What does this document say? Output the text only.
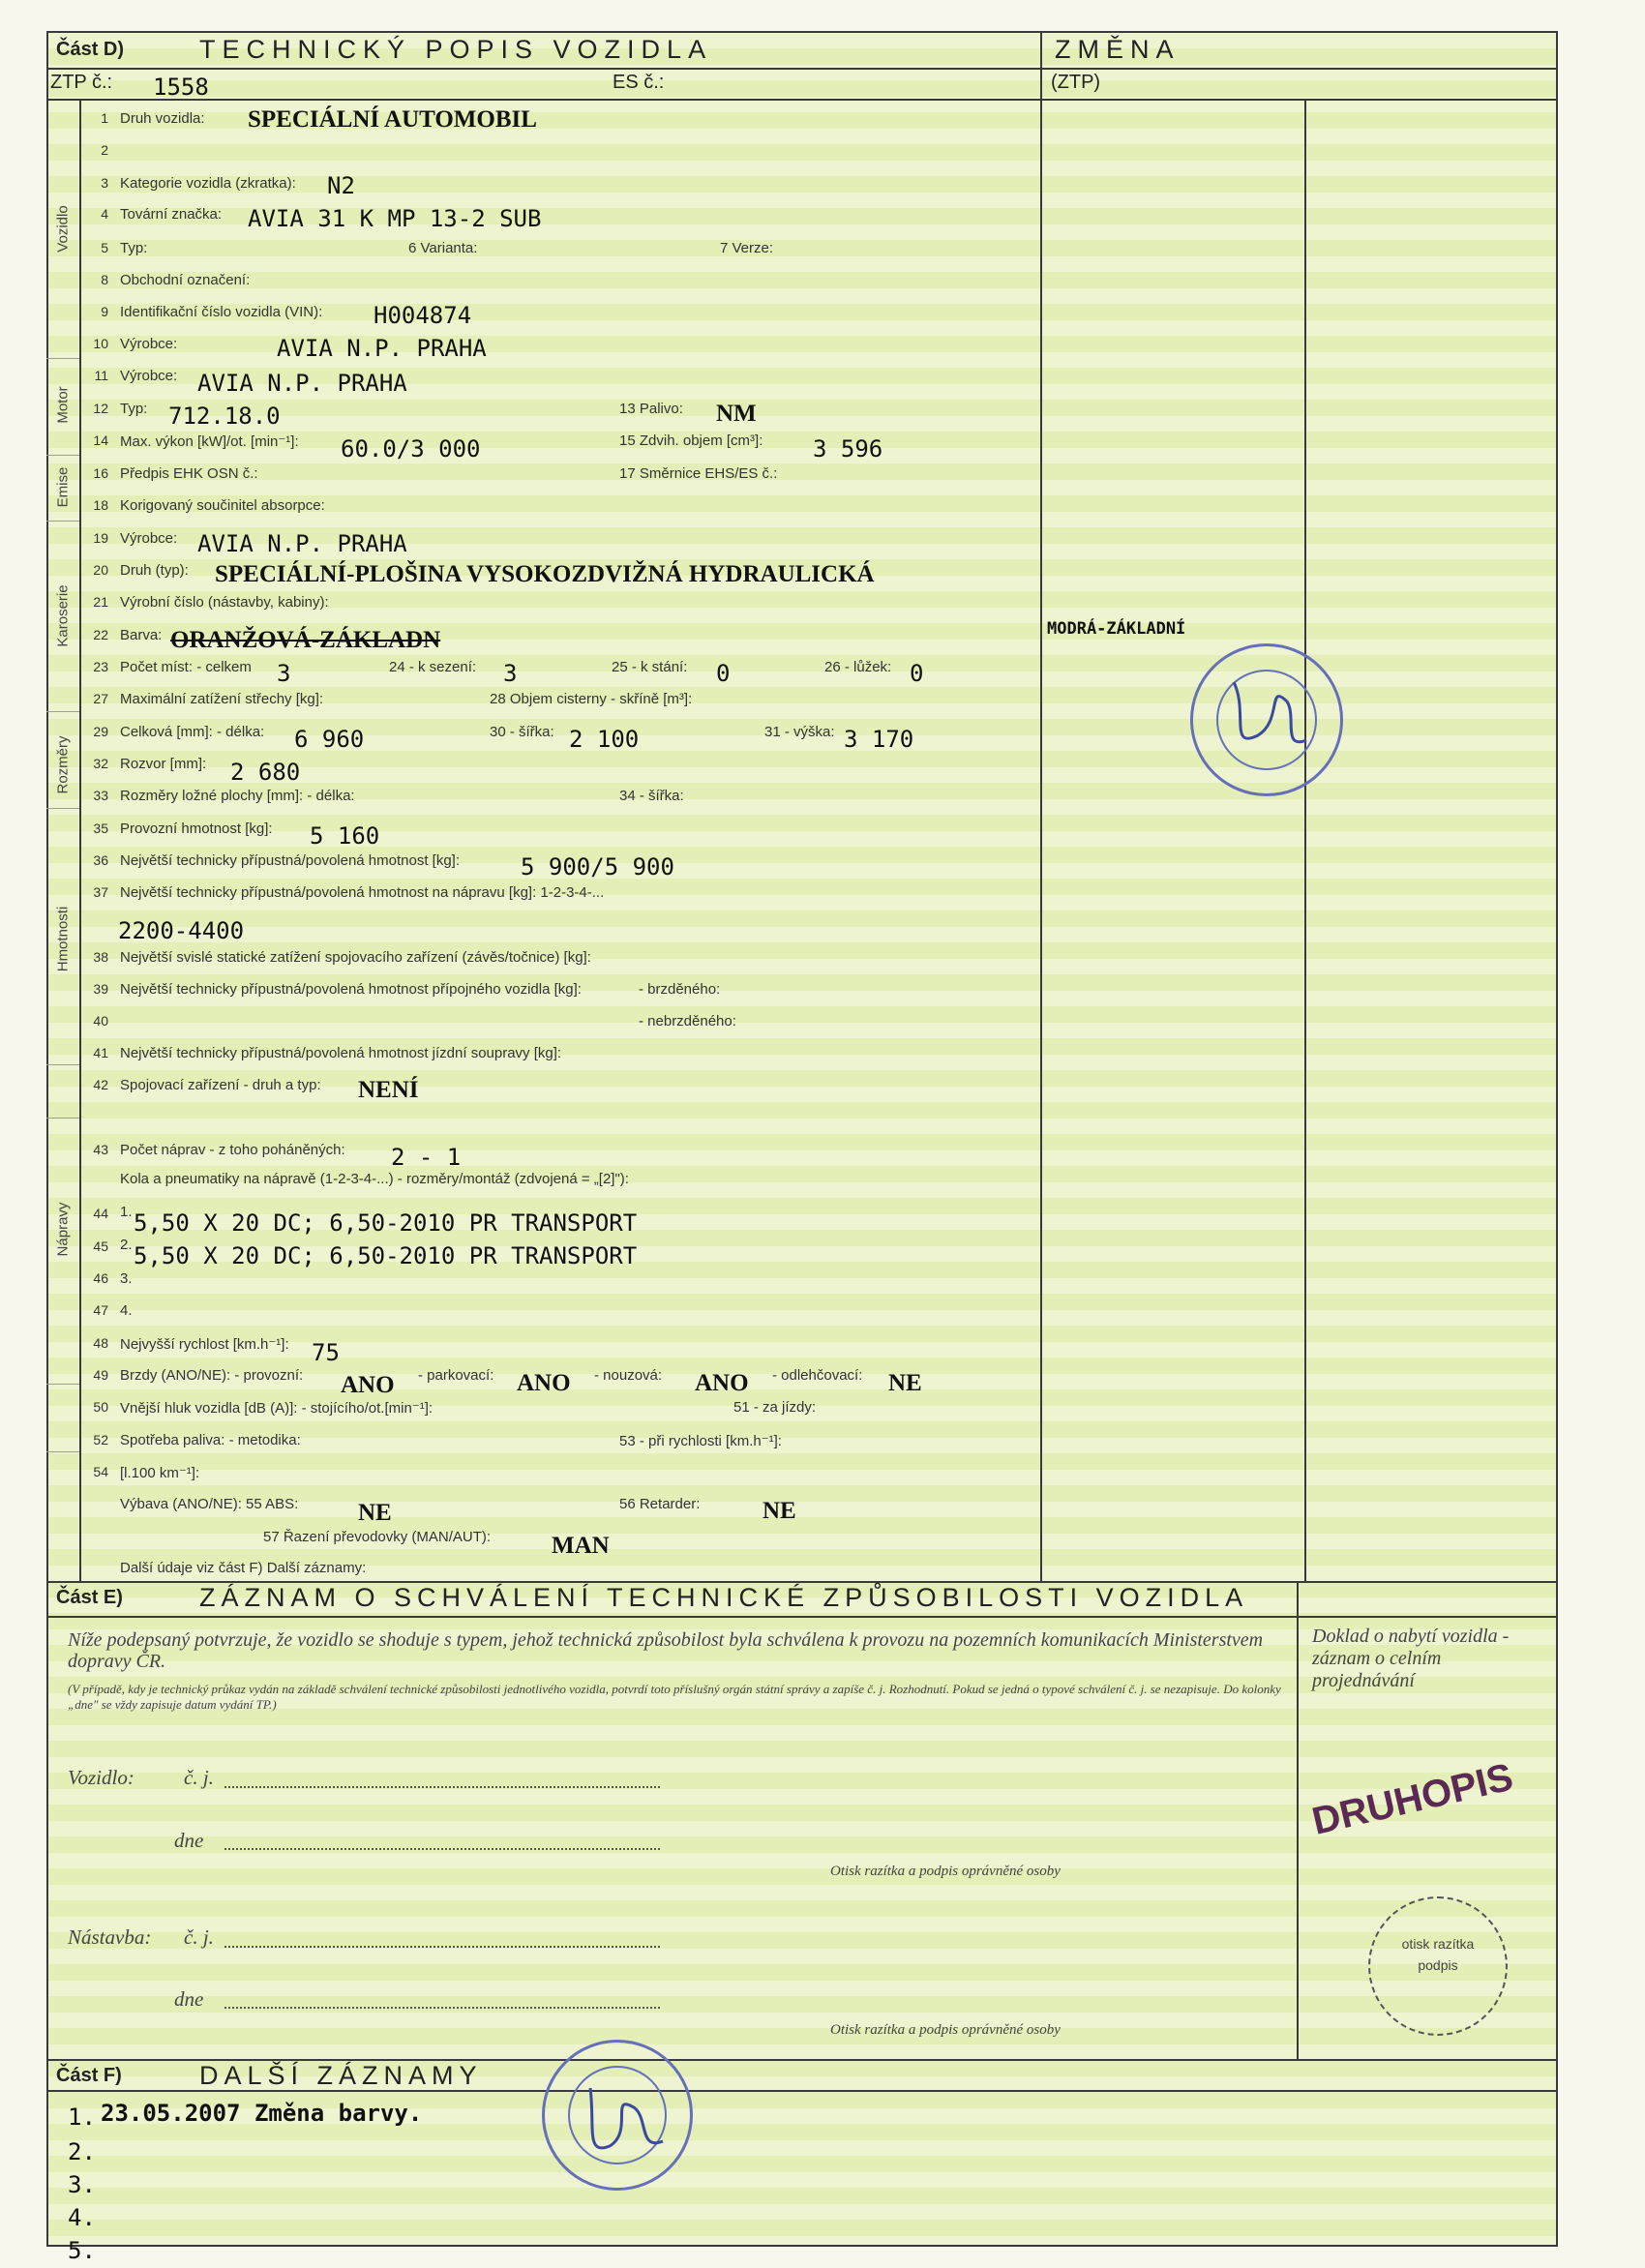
Vozidlo
Motor
Emise
Karoserie
Rozměry
Hmotnosti
Nápravy
Část D)	TECHNICKÝ POPIS VOZIDLA	ZMĚNA
ZTP č.: 1558	ES č.:	(ZTP)
1 Druh vozidla: SPECIÁLNÍ AUTOMOBIL
2
3 Kategorie vozidla (zkratka): N2
4 Tovární značka: AVIA 31 K MP 13-2 SUB
5 Typ:	6 Varianta:	7 Verze:
8 Obchodní označení:
9 Identifikační číslo vozidla (VIN): H004874
10 Výrobce:	AVIA N.P. PRAHA
11 Výrobce: AVIA N.P. PRAHA
12 Typ: 712.18.0	13 Palivo: NM
14 Max. výkon [kW]/ot. [min⁻¹]: 60.0/3 000	15 Zdvih. objem [cm³]: 3 596
16 Předpis EHK OSN č.:	17 Směrnice EHS/ES č.:
18 Korigovaný součinitel absorpce:
19 Výrobce: AVIA N.P. PRAHA
20 Druh (typ): SPECIÁLNÍ-PLOŠINA VYSOKOZDVIŽNÁ HYDRAULICKÁ
21 Výrobní číslo (nástavby, kabiny):
22 Barva: ORANŽOVÁ-ZÁKLADN	MODRÁ-ZÁKLADNÍ
23 Počet míst: - celkem 3	24 - k sezení: 3	25 - k stání: 0	26 - lůžek: 0
27 Maximální zatížení střechy [kg]:	28 Objem cisterny - skříně [m³]:
29 Celková [mm]: - délka: 6 960	30 - šířka: 2 100	31 - výška: 3 170
32 Rozvor [mm]: 2 680
33 Rozměry ložné plochy [mm]: - délka:	34 - šířka:
35 Provozní hmotnost [kg]: 5 160
36 Největší technicky přípustná/povolená hmotnost [kg]:	5 900/5 900
37 Největší technicky přípustná/povolená hmotnost na nápravu [kg]: 1-2-3-4-...
2200-4400
38 Největší svislé statické zatížení spojovacího zařízení (závěs/točnice) [kg]:
39 Největší technicky přípustná/povolená hmotnost přípojného vozidla [kg]:	- brzděného:
40	- nebrzděného:
41 Největší technicky přípustná/povolená hmotnost jízdní soupravy [kg]:
42 Spojovací zařízení - druh a typ: NENÍ
43 Počet náprav - z toho poháněných: 2 - 1
Kola a pneumatiky na nápravě (1-2-3-4-...) - rozměry/montáž (zdvojená = „[2]"):
44 1. 5,50 X 20 DC; 6,50-2010 PR TRANSPORT
45 2. 5,50 X 20 DC; 6,50-2010 PR TRANSPORT
46 3.
47 4.
48 Nejvyšší rychlost [km.h⁻¹]: 75
49 Brzdy (ANO/NE): - provozní: ANO - parkovací: ANO - nouzová: ANO - odlehčovací: NE
50 Vnější hluk vozidla [dB (A)]: - stojícího/ot.[min⁻¹]:	51 - za jízdy:
52 Spotřeba paliva: - metodika:	53 - při rychlosti [km.h⁻¹]:
54 [l.100 km⁻¹]:
Výbava (ANO/NE): 55 ABS: NE	56 Retarder:	NE
57 Řazení převodovky (MAN/AUT):	MAN
Další údaje viz část F) Další záznamy:
Část E)	ZÁZNAM O SCHVÁLENÍ TECHNICKÉ ZPŮSOBILOSTI VOZIDLA
Níže podepsaný potvrzuje, že vozidlo se shoduje s typem, jehož technická způsobilost byla schválena k provozu na pozemních komunikacích Ministerstvem dopravy ČR.
(V případě, kdy je technický průkaz vydán na základě schválení technické způsobilosti jednotlivého vozidla, potvrdí toto příslušný orgán státní správy a zapíše č. j. Rozhodnutí. Pokud se jedná o typové schválení č. j. se nezapisuje. Do kolonky „dne" se vždy zapisuje datum vydání TP.)
Vozidlo: č. j.
dne
Otisk razítka a podpis oprávněné osoby
Nástavba: č. j.
dne
Otisk razítka a podpis oprávněné osoby
Doklad o nabytí vozidla - záznam o celním projednávání
DRUHOPIS
otisk razítka podpis
Část F)	DALŠÍ ZÁZNAMY
1. 23.05.2007 Změna barvy.
2.
3.
4.
5.
